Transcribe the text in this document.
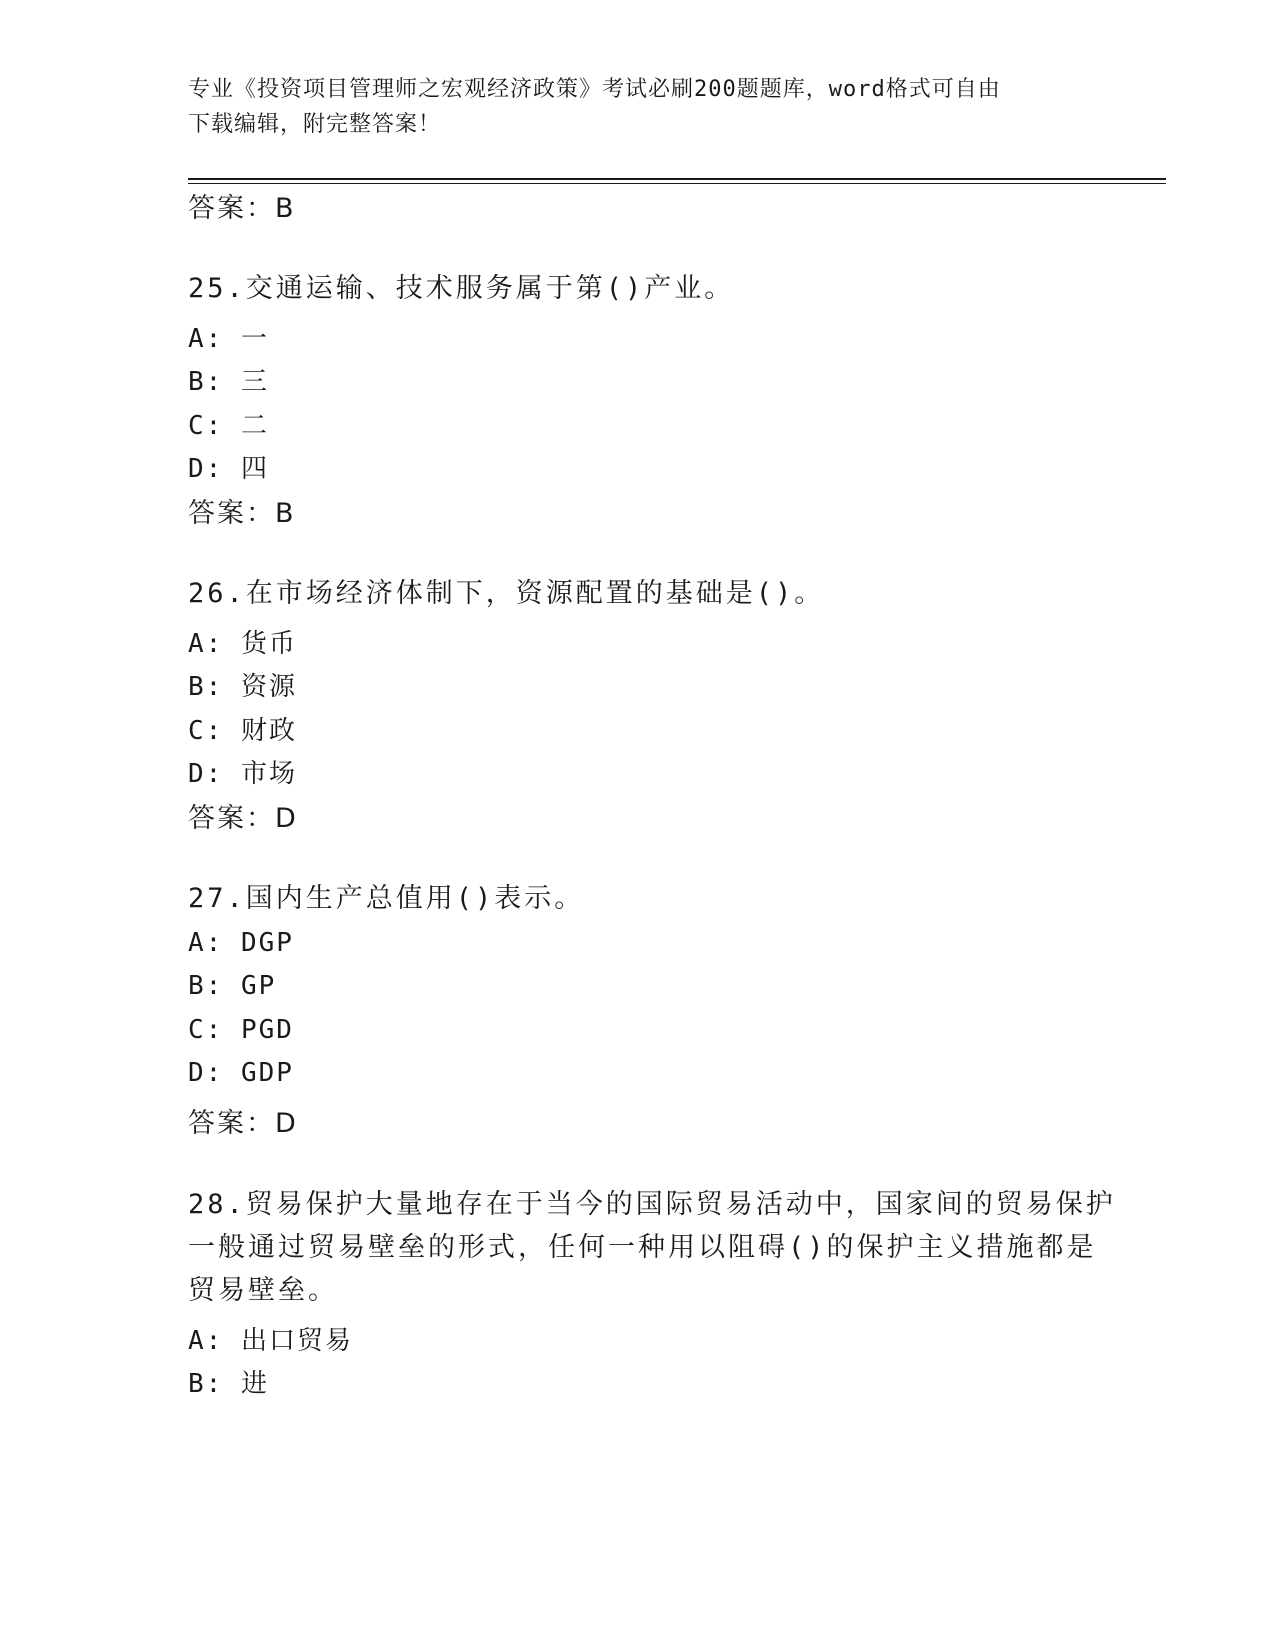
专业《投资项目管理师之宏观经济政策》考试必刷200题题库，word格式可自由
下载编辑，附完整答案！
答案：B
25.交通运输、技术服务属于第()产业。
A: 一
B: 三
C: 二
D: 四
答案：B
26.在市场经济体制下，资源配置的基础是()。
A: 货币
B: 资源
C: 财政
D: 市场
答案：D
27.国内生产总值用()表示。
A: DGP
B: GP
C: PGD
D: GDP
答案：D
28.贸易保护大量地存在于当今的国际贸易活动中，国家间的贸易保护
一般通过贸易壁垒的形式，任何一种用以阻碍()的保护主义措施都是
贸易壁垒。
A: 出口贸易
B: 进
